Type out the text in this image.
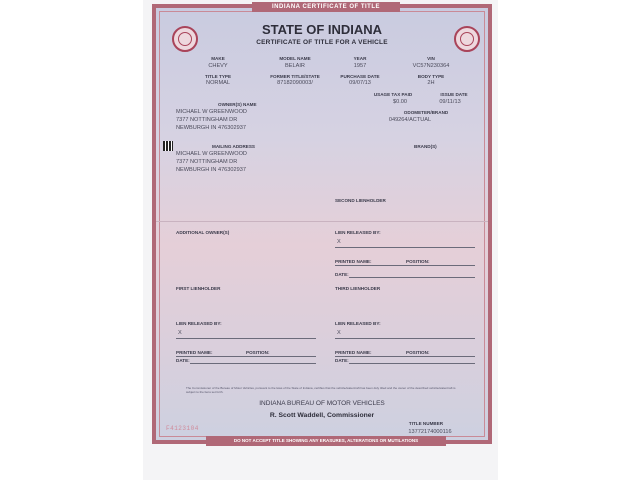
INDIANA CERTIFICATE OF TITLE
STATE OF INDIANA
CERTIFICATE OF TITLE FOR A VEHICLE
MAKE
CHEVY
MODEL NAME
BELAIR
YEAR
1957
VIN
VC57N230364
TITLE TYPE
NORMAL
FORMER TITLE/STATE
87182090003/
PURCHASE DATE
09/07/13
BODY TYPE
2H
USAGE TAX PAID
$0.00
ISSUE DATE
09/11/13
ODOMETER/BRAND
049264/ACTUAL
OWNER(S) NAME
MICHAEL W GREENWOOD
7377 NOTTINGHAM DR
NEWBURGH IN 476302937
MAILING ADDRESS
MICHAEL W GREENWOOD
7377 NOTTINGHAM DR
NEWBURGH IN 476302937
BRAND(S)
SECOND LIENHOLDER
ADDITIONAL OWNER(S)	LIEN RELEASED BY:
X
PRINTED NAME:	POSITION:
DATE:
FIRST LIENHOLDER	THIRD LIENHOLDER
LIEN RELEASED BY:
X
PRINTED NAME:	POSITION:
DATE:
LIEN RELEASED BY:
X
PRINTED NAME:	POSITION:
DATE:
The Commissioner of the Bureau of Motor Vehicles, pursuant to the laws of the State of Indiana, certifies that the vehicle/watercraft has been duly titled and the owner of the described vehicle/watercraft is subject to the liens set forth.
INDIANA BUREAU OF MOTOR VEHICLES
R. Scott Waddell, Commissioner
TITLE NUMBER
13772174000116
F4123104
DO NOT ACCEPT TITLE SHOWING ANY ERASURES, ALTERATIONS OR MUTILATIONS
